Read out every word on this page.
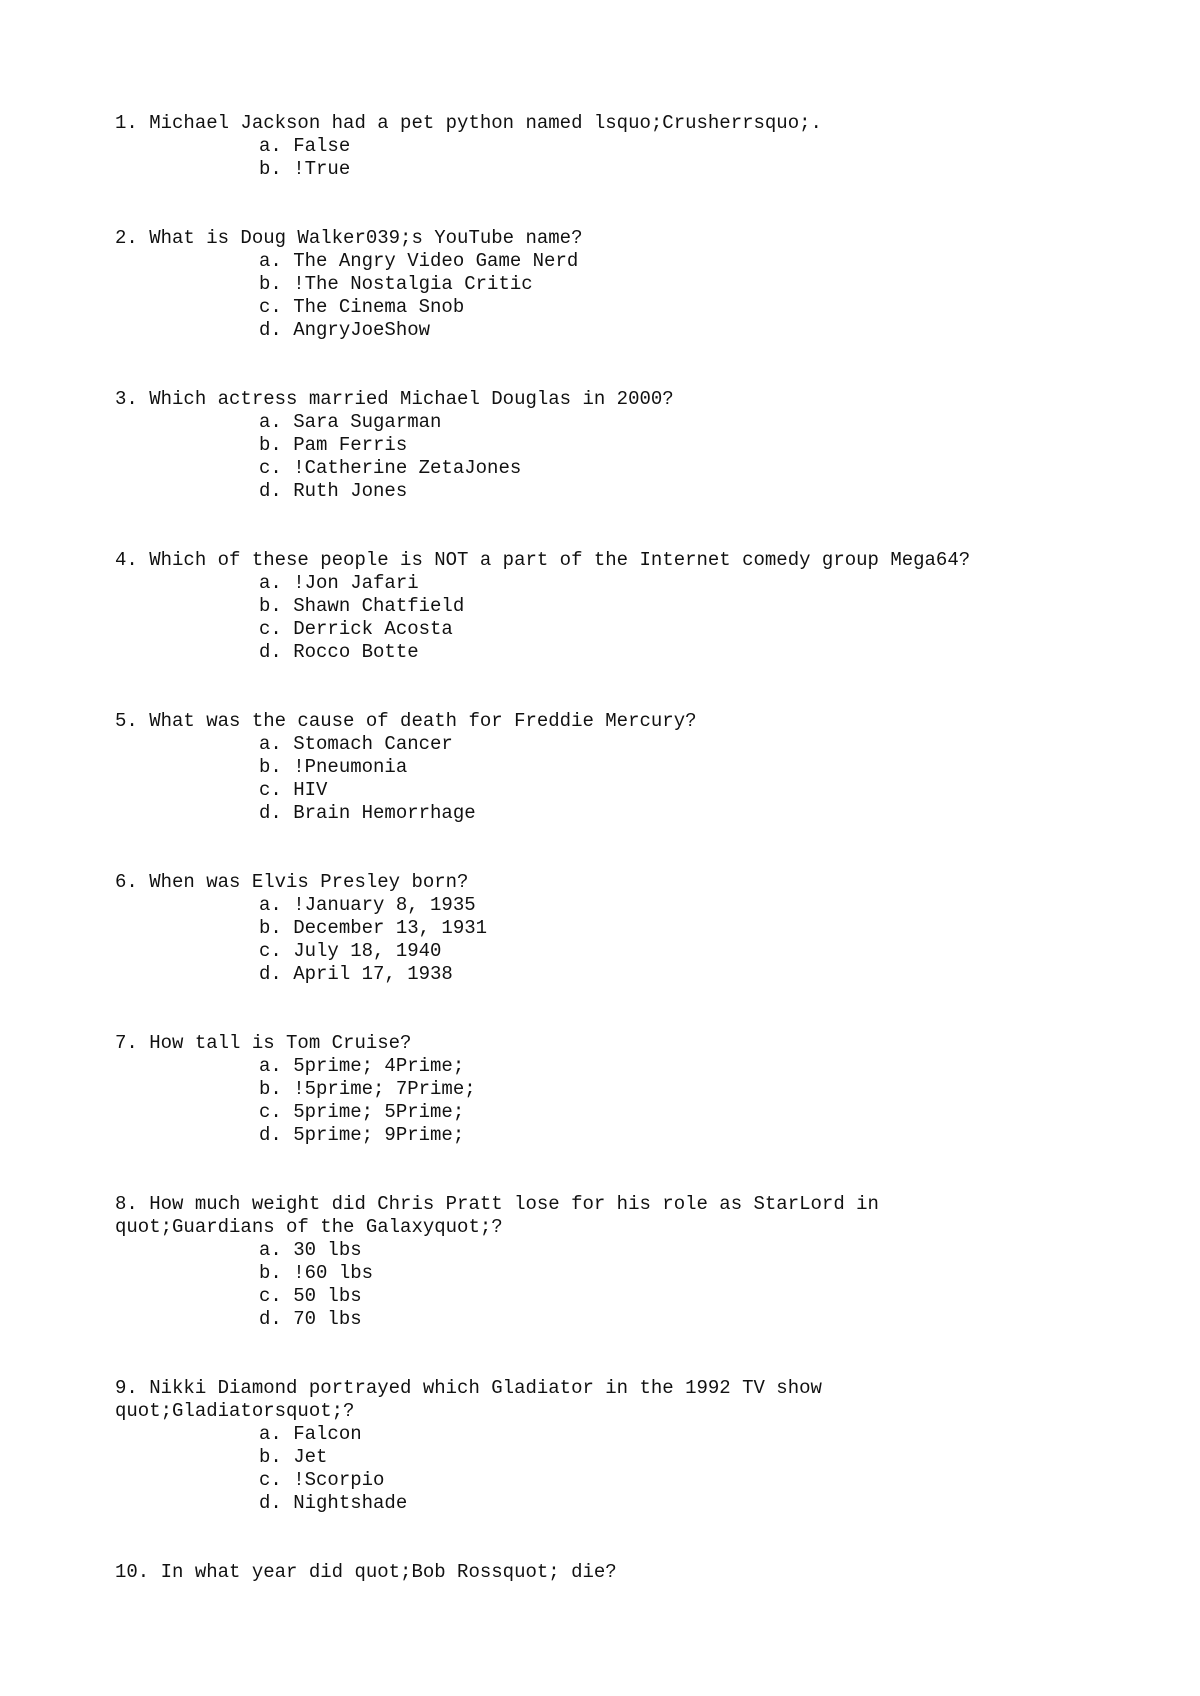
1. Michael Jackson had a pet python named lsquo;Crusherrsquo;.
a. False
b. !True
2. What is Doug Walker039;s YouTube name?
a. The Angry Video Game Nerd
b. !The Nostalgia Critic
c. The Cinema Snob
d. AngryJoeShow
3. Which actress married Michael Douglas in 2000?
a. Sara Sugarman
b. Pam Ferris
c. !Catherine ZetaJones
d. Ruth Jones
4. Which of these people is NOT a part of the Internet comedy group Mega64?
a. !Jon Jafari
b. Shawn Chatfield
c. Derrick Acosta
d. Rocco Botte
5. What was the cause of death for Freddie Mercury?
a. Stomach Cancer
b. !Pneumonia
c. HIV
d. Brain Hemorrhage
6. When was Elvis Presley born?
a. !January 8, 1935
b. December 13, 1931
c. July 18, 1940
d. April 17, 1938
7. How tall is Tom Cruise?
a. 5prime; 4Prime;
b. !5prime; 7Prime;
c. 5prime; 5Prime;
d. 5prime; 9Prime;
8. How much weight did Chris Pratt lose for his role as StarLord in
quot;Guardians of the Galaxyquot;?
a. 30 lbs
b. !60 lbs
c. 50 lbs
d. 70 lbs
9. Nikki Diamond portrayed which Gladiator in the 1992 TV show
quot;Gladiatorsquot;?
a. Falcon
b. Jet
c. !Scorpio
d. Nightshade
10. In what year did quot;Bob Rossquot; die?
